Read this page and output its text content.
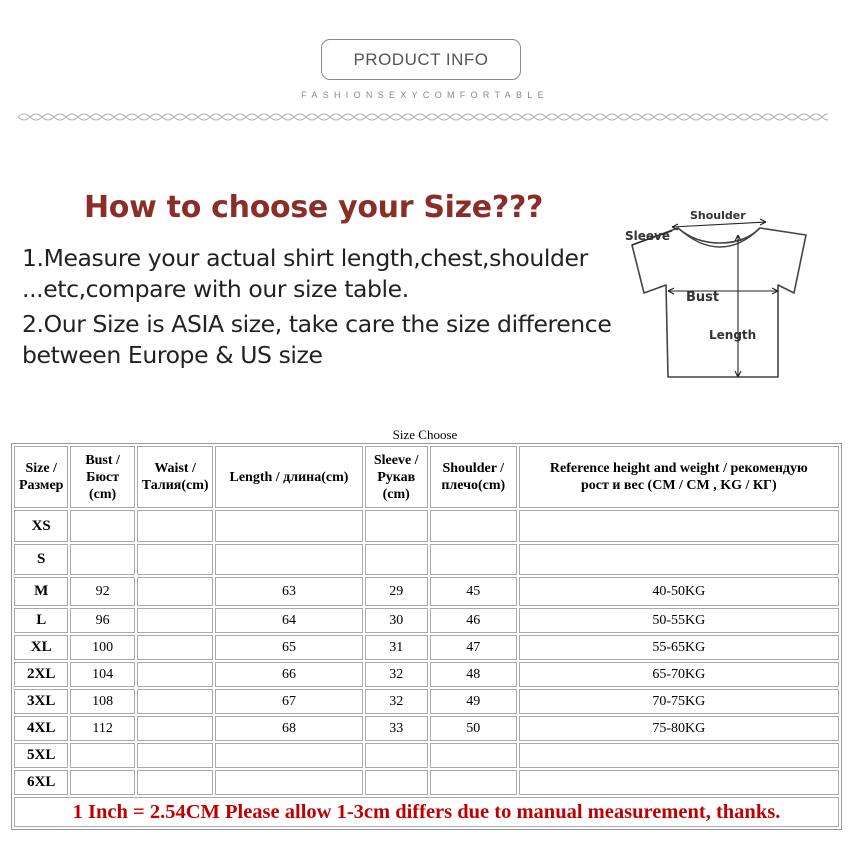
PRODUCT INFO
FASHIONSEXYCOMFORTABLE
How to choose your Size???
1.Measure your actual shirt length,chest,shoulder
...etc,compare with our size table.
2.Our Size is ASIA size, take care the size difference
between Europe & US size
Sleeve
Shoulder
Bust
Length
Size Choose
Size /
Размер	Bust /
Бюст
(cm)	Waist /
Талия(cm)	Length / длина(cm)	Sleeve /
Рукав
(cm)	Shoulder /
плечо(cm)	Reference height and weight / рекомендую
рост и вес (CM / CM , KG / КГ)
XS						
S						
M	92		63	29	45	40-50KG
L	96		64	30	46	50-55KG
XL	100		65	31	47	55-65KG
2XL	104		66	32	48	65-70KG
3XL	108		67	32	49	70-75KG
4XL	112		68	33	50	75-80KG
5XL						
6XL						
1 Inch = 2.54CM Please allow 1-3cm differs due to manual measurement, thanks.						
